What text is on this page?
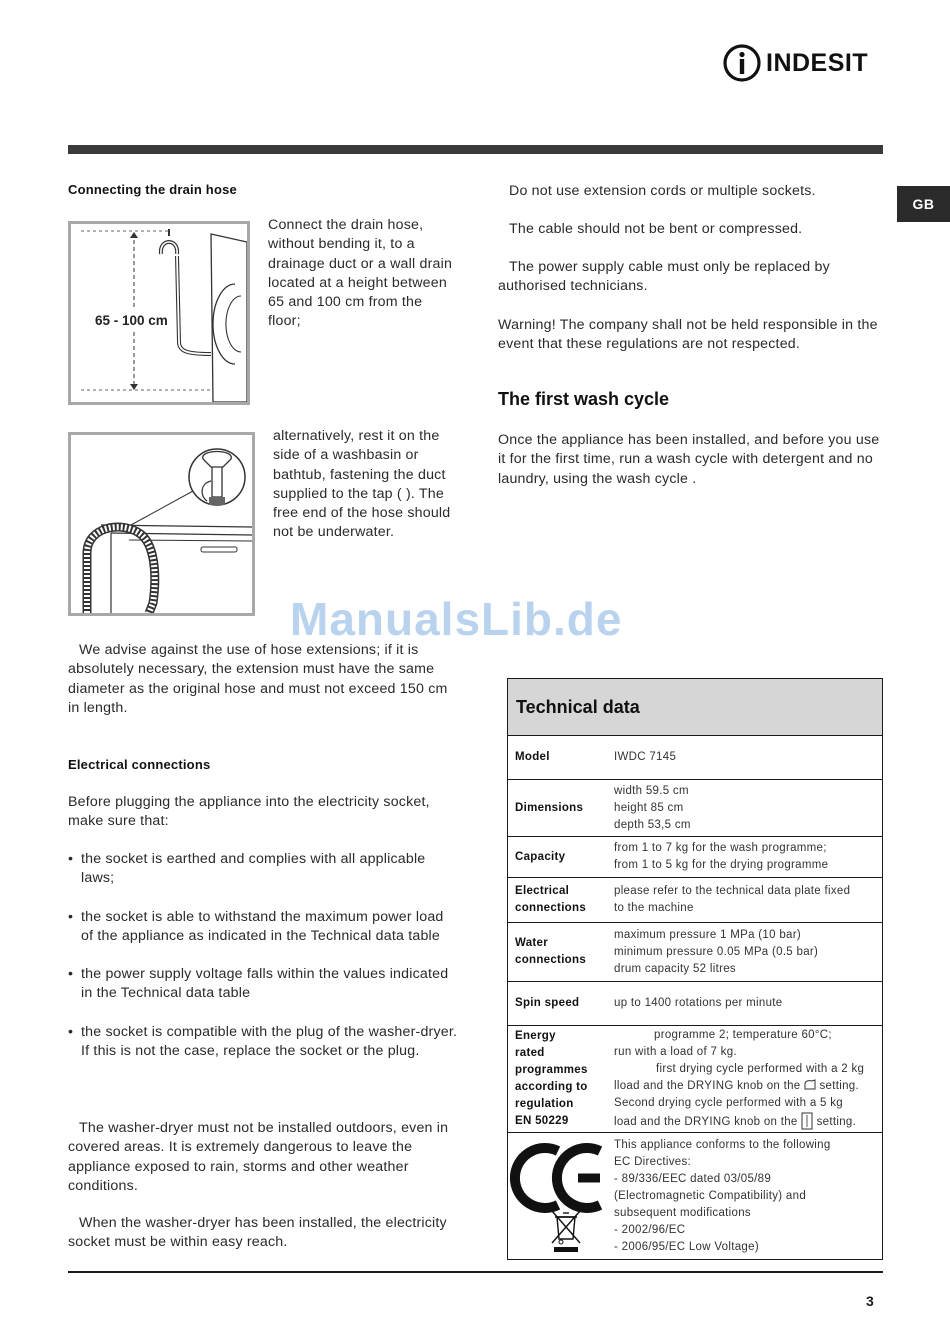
INDESIT
GB
Connecting the drain hose
65 - 100 cm
Connect the drain hose, without bending it, to a drainage duct or a wall drain located at a height between 65 and 100 cm from the floor;
alternatively, rest it on the side of a washbasin or bathtub, fastening the duct supplied to the tap ( ). The free end of the hose should not be underwater.
ManualsLib.de
We advise against the use of hose extensions; if it is absolutely necessary, the extension must have the same diameter as the original hose and must not exceed 150 cm in length.
Electrical connections
Before plugging the appliance into the electricity socket, make sure that:
• the socket is earthed and complies with all applicable laws;
• the socket is able to withstand the maximum power load of the appliance as indicated in the Technical data table
• the power supply voltage falls within the values indicated in the Technical data table
• the socket is compatible with the plug of the washer-dryer. If this is not the case, replace the socket or the plug.
The washer-dryer must not be installed outdoors, even in covered areas. It is extremely dangerous to leave the appliance exposed to rain, storms and other weather conditions.
When the washer-dryer has been installed, the electricity socket must be within easy reach.
Do not use extension cords or multiple sockets.
The cable should not be bent or compressed.
The power supply cable must only be replaced by authorised technicians.
Warning! The company shall not be held responsible in the event that these regulations are not respected.
The first wash cycle
Once the appliance has been installed, and before you use it for the first time, run a wash cycle with detergent and no laundry, using the wash cycle .
Technical data
Model	IWDC 7145
Dimensions
width 59.5 cm
height 85 cm
depth 53,5 cm
Capacity
from 1 to 7 kg for the wash programme;
from 1 to 5 kg for the drying programme
Electrical
connections
please refer to the technical data plate fixed
to the machine
Water
connections
maximum pressure 1 MPa (10 bar)
minimum pressure 0.05 MPa (0.5 bar)
drum capacity 52 litres
Spin speed	up to 1400 rotations per minute
Energy
rated
programmes
according to
regulation
EN 50229
programme 2; temperature 60°C;
run with a load of 7 kg.
first drying cycle performed with a 2 kg
lload and the DRYING knob on the setting.
Second drying cycle performed with a 5 kg
load and the DRYING knob on the setting.
This appliance conforms to the following
EC Directives:
- 89/336/EEC dated 03/05/89
(Electromagnetic Compatibility) and
subsequent modifications
- 2002/96/EC
- 2006/95/EC Low Voltage)
3
